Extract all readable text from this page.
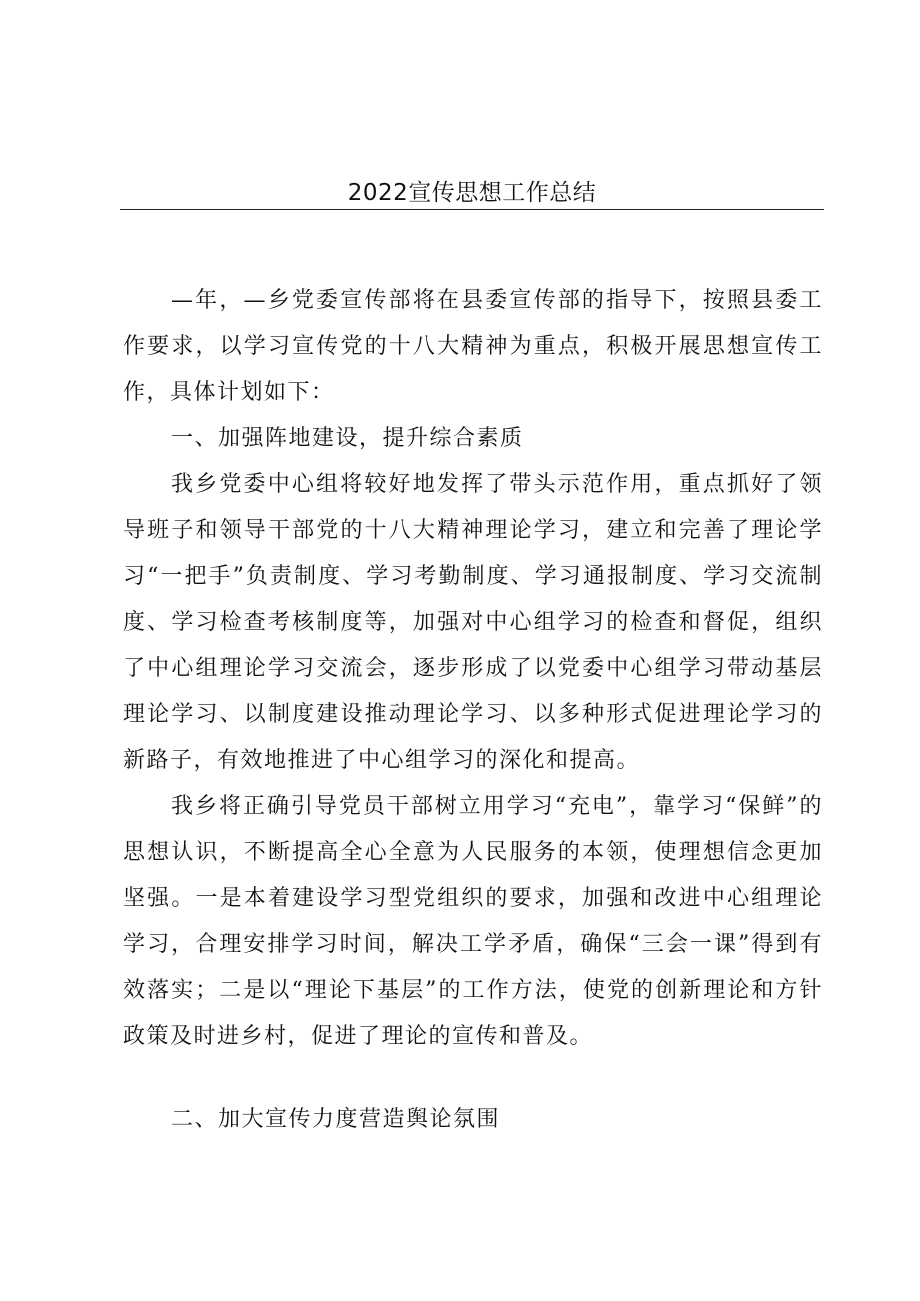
2022宣传思想工作总结

—年，—乡党委宣传部将在县委宣传部的指导下，按照县委工作要求，以学习宣传党的十八大精神为重点，积极开展思想宣传工作，具体计划如下：

一、加强阵地建设，提升综合素质

我乡党委中心组将较好地发挥了带头示范作用，重点抓好了领导班子和领导干部党的十八大精神理论学习，建立和完善了理论学习“一把手”负责制度、学习考勤制度、学习通报制度、学习交流制度、学习检查考核制度等，加强对中心组学习的检查和督促，组织了中心组理论学习交流会，逐步形成了以党委中心组学习带动基层理论学习、以制度建设推动理论学习、以多种形式促进理论学习的新路子，有效地推进了中心组学习的深化和提高。

我乡将正确引导党员干部树立用学习“充电”，靠学习“保鲜”的思想认识，不断提高全心全意为人民服务的本领，使理想信念更加坚强。一是本着建设学习型党组织的要求，加强和改进中心组理论学习，合理安排学习时间，解决工学矛盾，确保“三会一课”得到有效落实；二是以“理论下基层”的工作方法，使党的创新理论和方针政策及时进乡村，促进了理论的宣传和普及。

二、加大宣传力度营造舆论氛围
